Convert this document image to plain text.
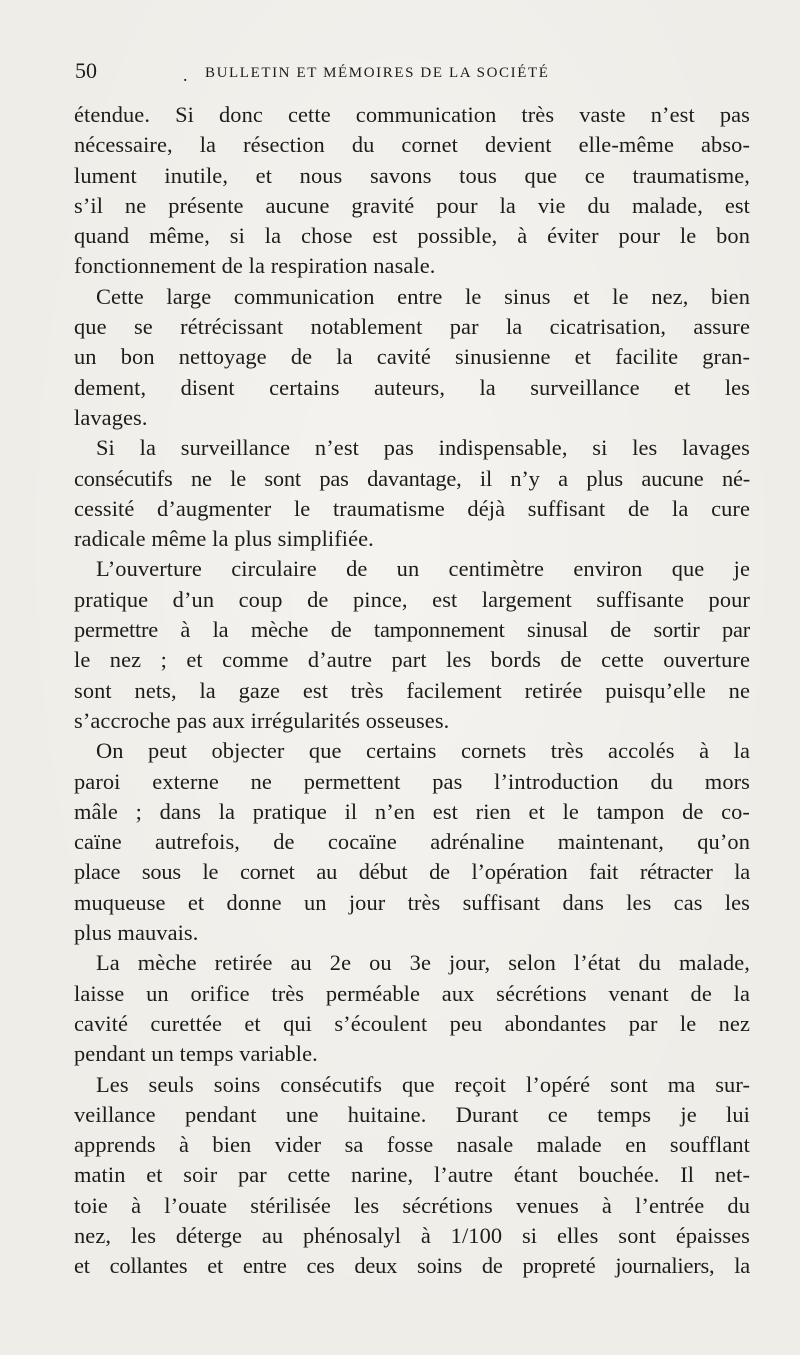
50	. BULLETIN ET MÉMOIRES DE LA SOCIÉTÉ
étendue. Si donc cette communication très vaste n’est pas
nécessaire, la résection du cornet devient elle-même abso-
lument inutile, et nous savons tous que ce traumatisme,
s’il ne présente aucune gravité pour la vie du malade, est
quand même, si la chose est possible, à éviter pour le bon
fonctionnement de la respiration nasale.
Cette large communication entre le sinus et le nez, bien
que se rétrécissant notablement par la cicatrisation, assure
un bon nettoyage de la cavité sinusienne et facilite gran-
dement, disent certains auteurs, la surveillance et les
lavages.
Si la surveillance n’est pas indispensable, si les lavages
consécutifs ne le sont pas davantage, il n’y a plus aucune né-
cessité d’augmenter le traumatisme déjà suffisant de la cure
radicale même la plus simplifiée.
L’ouverture circulaire de un centimètre environ que je
pratique d’un coup de pince, est largement suffisante pour
permettre à la mèche de tamponnement sinusal de sortir par
le nez ; et comme d’autre part les bords de cette ouverture
sont nets, la gaze est très facilement retirée puisqu’elle ne
s’accroche pas aux irrégularités osseuses.
On peut objecter que certains cornets très accolés à la
paroi externe ne permettent pas l’introduction du mors
mâle ; dans la pratique il n’en est rien et le tampon de co-
caïne autrefois, de cocaïne adrénaline maintenant, qu’on
place sous le cornet au début de l’opération fait rétracter la
muqueuse et donne un jour très suffisant dans les cas les
plus mauvais.
La mèche retirée au 2e ou 3e jour, selon l’état du malade,
laisse un orifice très perméable aux sécrétions venant de la
cavité curettée et qui s’écoulent peu abondantes par le nez
pendant un temps variable.
Les seuls soins consécutifs que reçoit l’opéré sont ma sur-
veillance pendant une huitaine. Durant ce temps je lui
apprends à bien vider sa fosse nasale malade en soufflant
matin et soir par cette narine, l’autre étant bouchée. Il net-
toie à l’ouate stérilisée les sécrétions venues à l’entrée du
nez, les déterge au phénosalyl à 1/100 si elles sont épaisses
et collantes et entre ces deux soins de propreté journaliers, la
